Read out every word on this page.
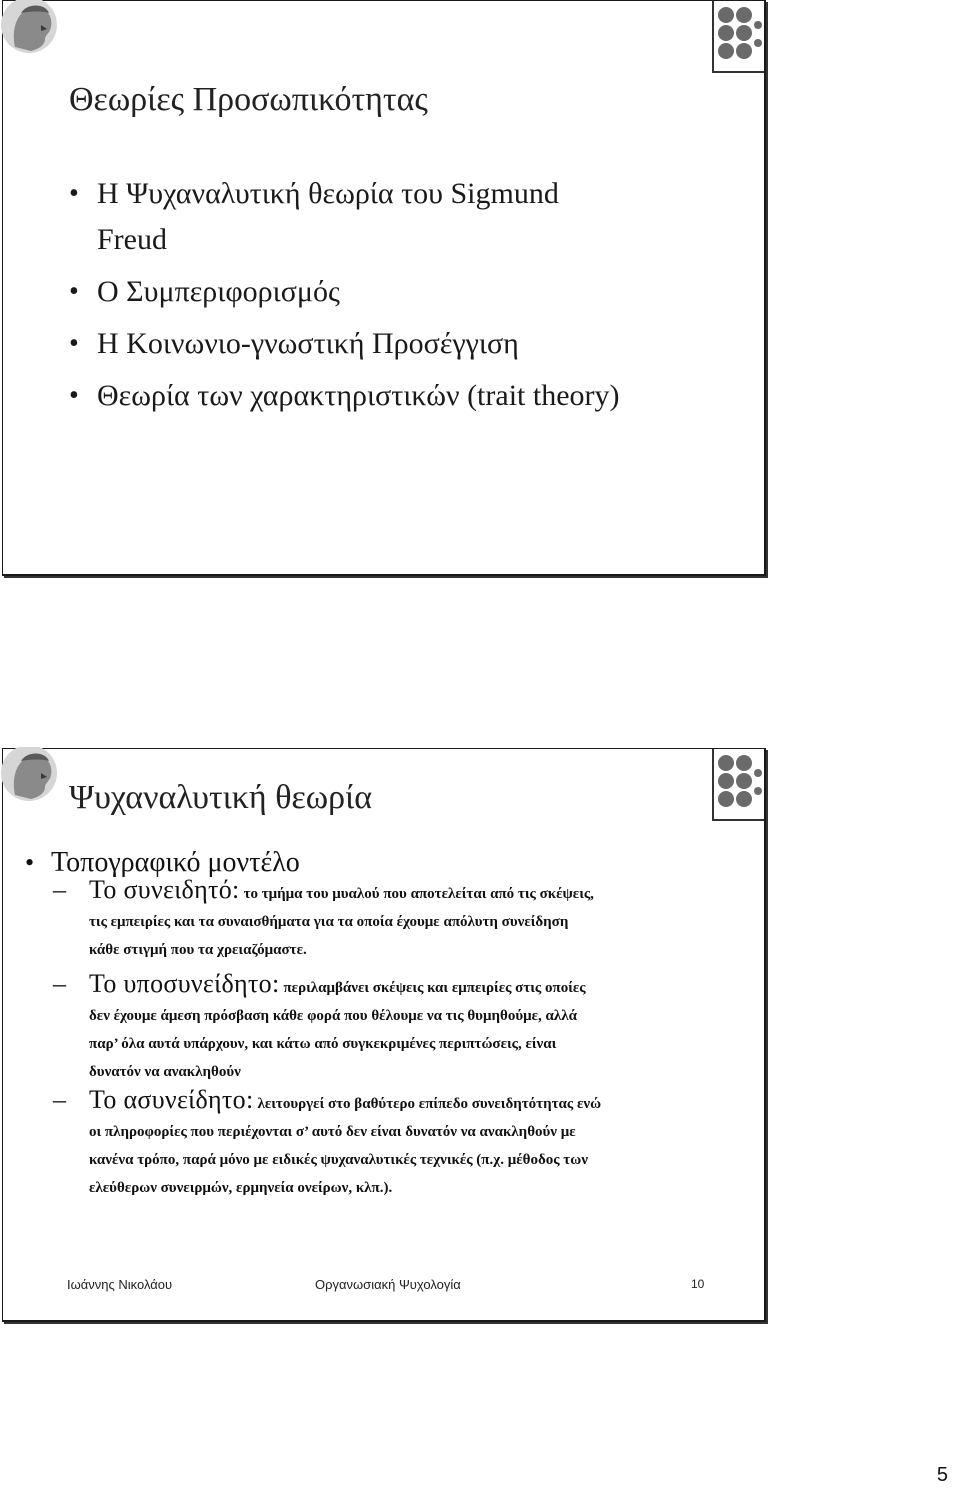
Θεωρίες Προσωπικότητας
• Η Ψυχαναλυτική θεωρία του Sigmund Freud
• Ο Συμπεριφορισμός
• Η Κοινωνιο-γνωστική Προσέγγιση
• Θεωρία των χαρακτηριστικών (trait theory)
Ψυχαναλυτική θεωρία
• Τοπογραφικό μοντέλο
– Το συνειδητό: το τμήμα του μυαλού που αποτελείται από τις σκέψεις,
τις εμπειρίες και τα συναισθήματα για τα οποία έχουμε απόλυτη συνείδηση
κάθε στιγμή που τα χρειαζόμαστε.
– Το υποσυνείδητο: περιλαμβάνει σκέψεις και εμπειρίες στις οποίες
δεν έχουμε άμεση πρόσβαση κάθε φορά που θέλουμε να τις θυμηθούμε, αλλά
παρ’ όλα αυτά υπάρχουν, και κάτω από συγκεκριμένες περιπτώσεις, είναι
δυνατόν να ανακληθούν
– Το ασυνείδητο: λειτουργεί στο βαθύτερο επίπεδο συνειδητότητας ενώ
οι πληροφορίες που περιέχονται σ’ αυτό δεν είναι δυνατόν να ανακληθούν με
κανένα τρόπο, παρά μόνο με ειδικές ψυχαναλυτικές τεχνικές (π.χ. μέθοδος των
ελεύθερων συνειρμών, ερμηνεία ονείρων, κλπ.).
Ιωάννης Νικολάου	Οργανωσιακή Ψυχολογία	10
5
